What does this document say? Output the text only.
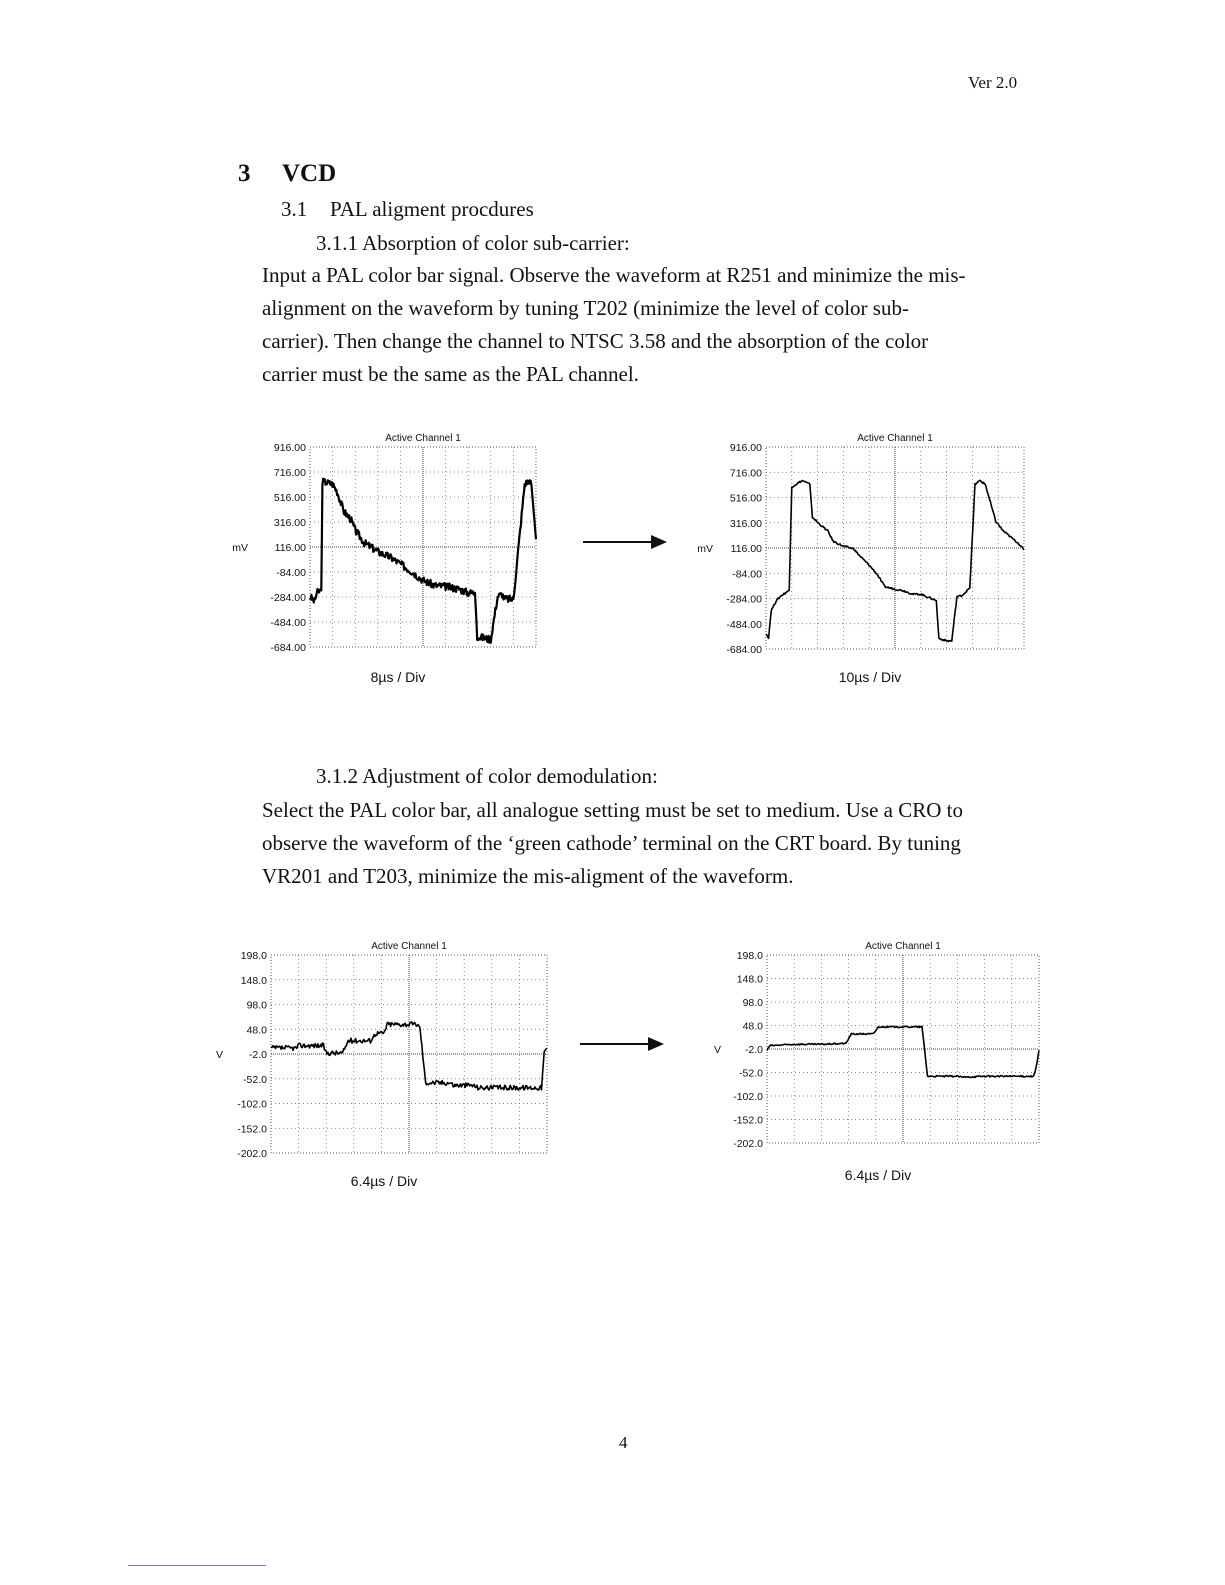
Ver 2.0
3 VCD
3.1 PAL aligment procdures
3.1.1 Absorption of color sub-carrier:
Input a PAL color bar signal. Observe the waveform at R251 and minimize the mis-
alignment on the waveform by tuning T202 (minimize the level of color sub-
carrier). Then change the channel to NTSC 3.58 and the absorption of the color
carrier must be the same as the PAL channel.
Active Channel 1
916.00
716.00
516.00
316.00
116.00
-84.00
-284.00
-484.00
-684.00
mV
8µs / Div
Active Channel 1
916.00
716.00
516.00
316.00
116.00
-84.00
-284.00
-484.00
-684.00
mV
10µs / Div
3.1.2 Adjustment of color demodulation:
Select the PAL color bar, all analogue setting must be set to medium. Use a CRO to
observe the waveform of the ‘green cathode’ terminal on the CRT board. By tuning
VR201 and T203, minimize the mis-aligment of the waveform.
Active Channel 1
198.0
148.0
98.0
48.0
-2.0
-52.0
-102.0
-152.0
-202.0
V
6.4µs / Div
Active Channel 1
198.0
148.0
98.0
48.0
-2.0
-52.0
-102.0
-152.0
-202.0
V
6.4µs / Div
4
